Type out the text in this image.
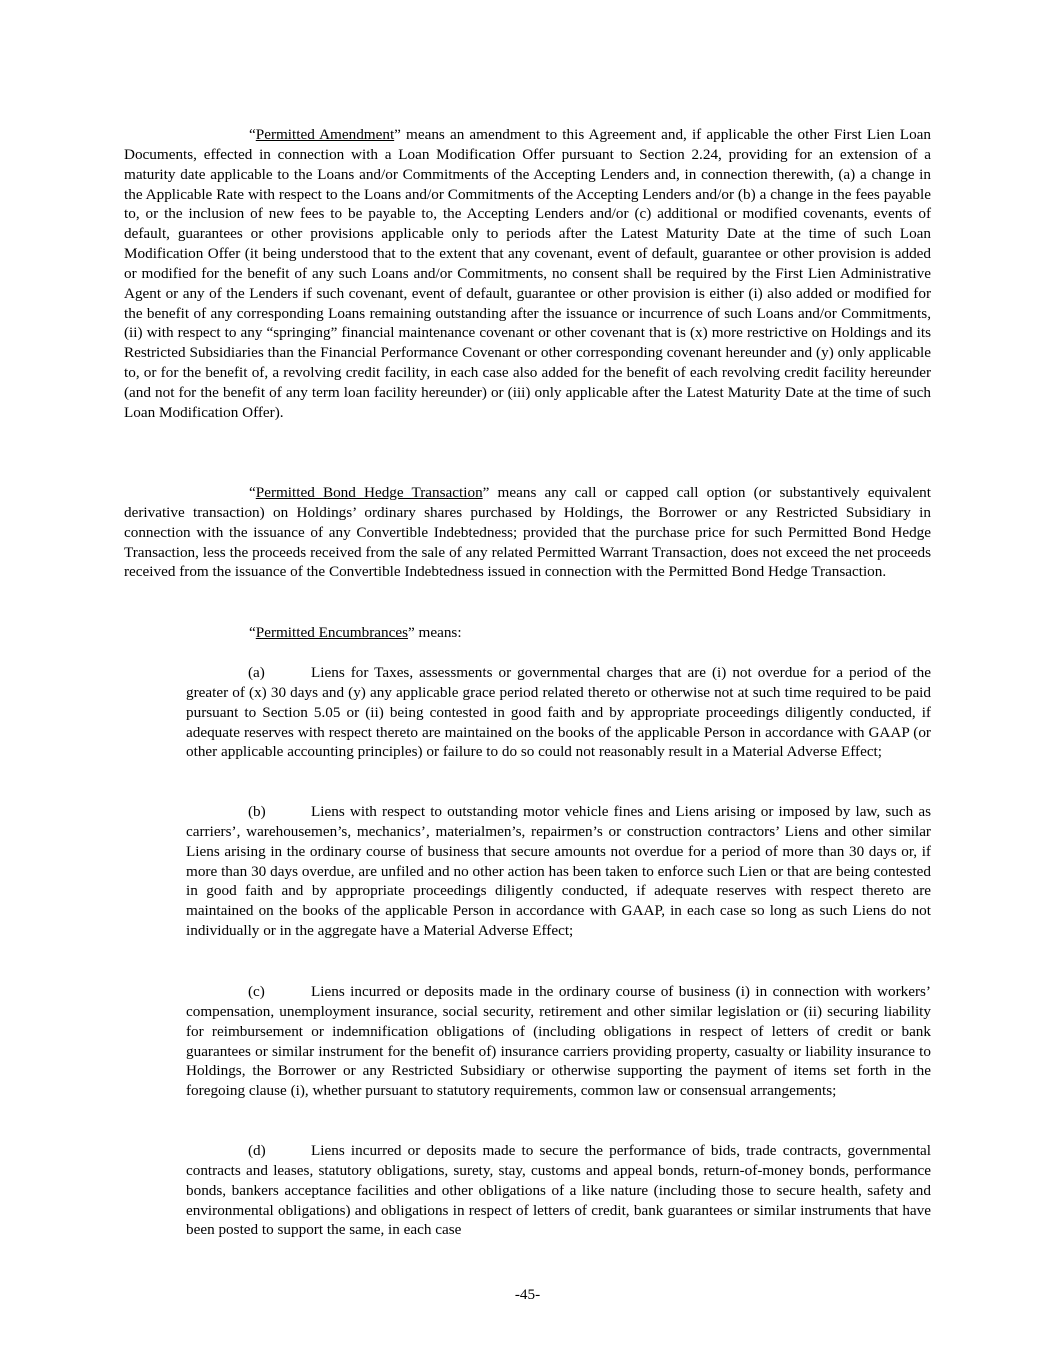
“Permitted Amendment” means an amendment to this Agreement and, if applicable the other First Lien Loan Documents, effected in connection with a Loan Modification Offer pursuant to Section 2.24, providing for an extension of a maturity date applicable to the Loans and/or Commitments of the Accepting Lenders and, in connection therewith, (a) a change in the Applicable Rate with respect to the Loans and/or Commitments of the Accepting Lenders and/or (b) a change in the fees payable to, or the inclusion of new fees to be payable to, the Accepting Lenders and/or (c) additional or modified covenants, events of default, guarantees or other provisions applicable only to periods after the Latest Maturity Date at the time of such Loan Modification Offer (it being understood that to the extent that any covenant, event of default, guarantee or other provision is added or modified for the benefit of any such Loans and/or Commitments, no consent shall be required by the First Lien Administrative Agent or any of the Lenders if such covenant, event of default, guarantee or other provision is either (i) also added or modified for the benefit of any corresponding Loans remaining outstanding after the issuance or incurrence of such Loans and/or Commitments, (ii) with respect to any “springing” financial maintenance covenant or other covenant that is (x) more restrictive on Holdings and its Restricted Subsidiaries than the Financial Performance Covenant or other corresponding covenant hereunder and (y) only applicable to, or for the benefit of, a revolving credit facility, in each case also added for the benefit of each revolving credit facility hereunder (and not for the benefit of any term loan facility hereunder) or (iii) only applicable after the Latest Maturity Date at the time of such Loan Modification Offer).

“Permitted Bond Hedge Transaction” means any call or capped call option (or substantively equivalent derivative transaction) on Holdings’ ordinary shares purchased by Holdings, the Borrower or any Restricted Subsidiary in connection with the issuance of any Convertible Indebtedness; provided that the purchase price for such Permitted Bond Hedge Transaction, less the proceeds received from the sale of any related Permitted Warrant Transaction, does not exceed the net proceeds received from the issuance of the Convertible Indebtedness issued in connection with the Permitted Bond Hedge Transaction.

“Permitted Encumbrances” means:

(a)	Liens for Taxes, assessments or governmental charges that are (i) not overdue for a period of the greater of (x) 30 days and (y) any applicable grace period related thereto or otherwise not at such time required to be paid pursuant to Section 5.05 or (ii) being contested in good faith and by appropriate proceedings diligently conducted, if adequate reserves with respect thereto are maintained on the books of the applicable Person in accordance with GAAP (or other applicable accounting principles) or failure to do so could not reasonably result in a Material Adverse Effect;

(b)	Liens with respect to outstanding motor vehicle fines and Liens arising or imposed by law, such as carriers’, warehousemen’s, mechanics’, materialmen’s, repairmen’s or construction contractors’ Liens and other similar Liens arising in the ordinary course of business that secure amounts not overdue for a period of more than 30 days or, if more than 30 days overdue, are unfiled and no other action has been taken to enforce such Lien or that are being contested in good faith and by appropriate proceedings diligently conducted, if adequate reserves with respect thereto are maintained on the books of the applicable Person in accordance with GAAP, in each case so long as such Liens do not individually or in the aggregate have a Material Adverse Effect;

(c)	Liens incurred or deposits made in the ordinary course of business (i) in connection with workers’ compensation, unemployment insurance, social security, retirement and other similar legislation or (ii) securing liability for reimbursement or indemnification obligations of (including obligations in respect of letters of credit or bank guarantees or similar instrument for the benefit of) insurance carriers providing property, casualty or liability insurance to Holdings, the Borrower or any Restricted Subsidiary or otherwise supporting the payment of items set forth in the foregoing clause (i), whether pursuant to statutory requirements, common law or consensual arrangements;

(d)	Liens incurred or deposits made to secure the performance of bids, trade contracts, governmental contracts and leases, statutory obligations, surety, stay, customs and appeal bonds, return-of-money bonds, performance bonds, bankers acceptance facilities and other obligations of a like nature (including those to secure health, safety and environmental obligations) and obligations in respect of letters of credit, bank guarantees or similar instruments that have been posted to support the same, in each case

-45-
